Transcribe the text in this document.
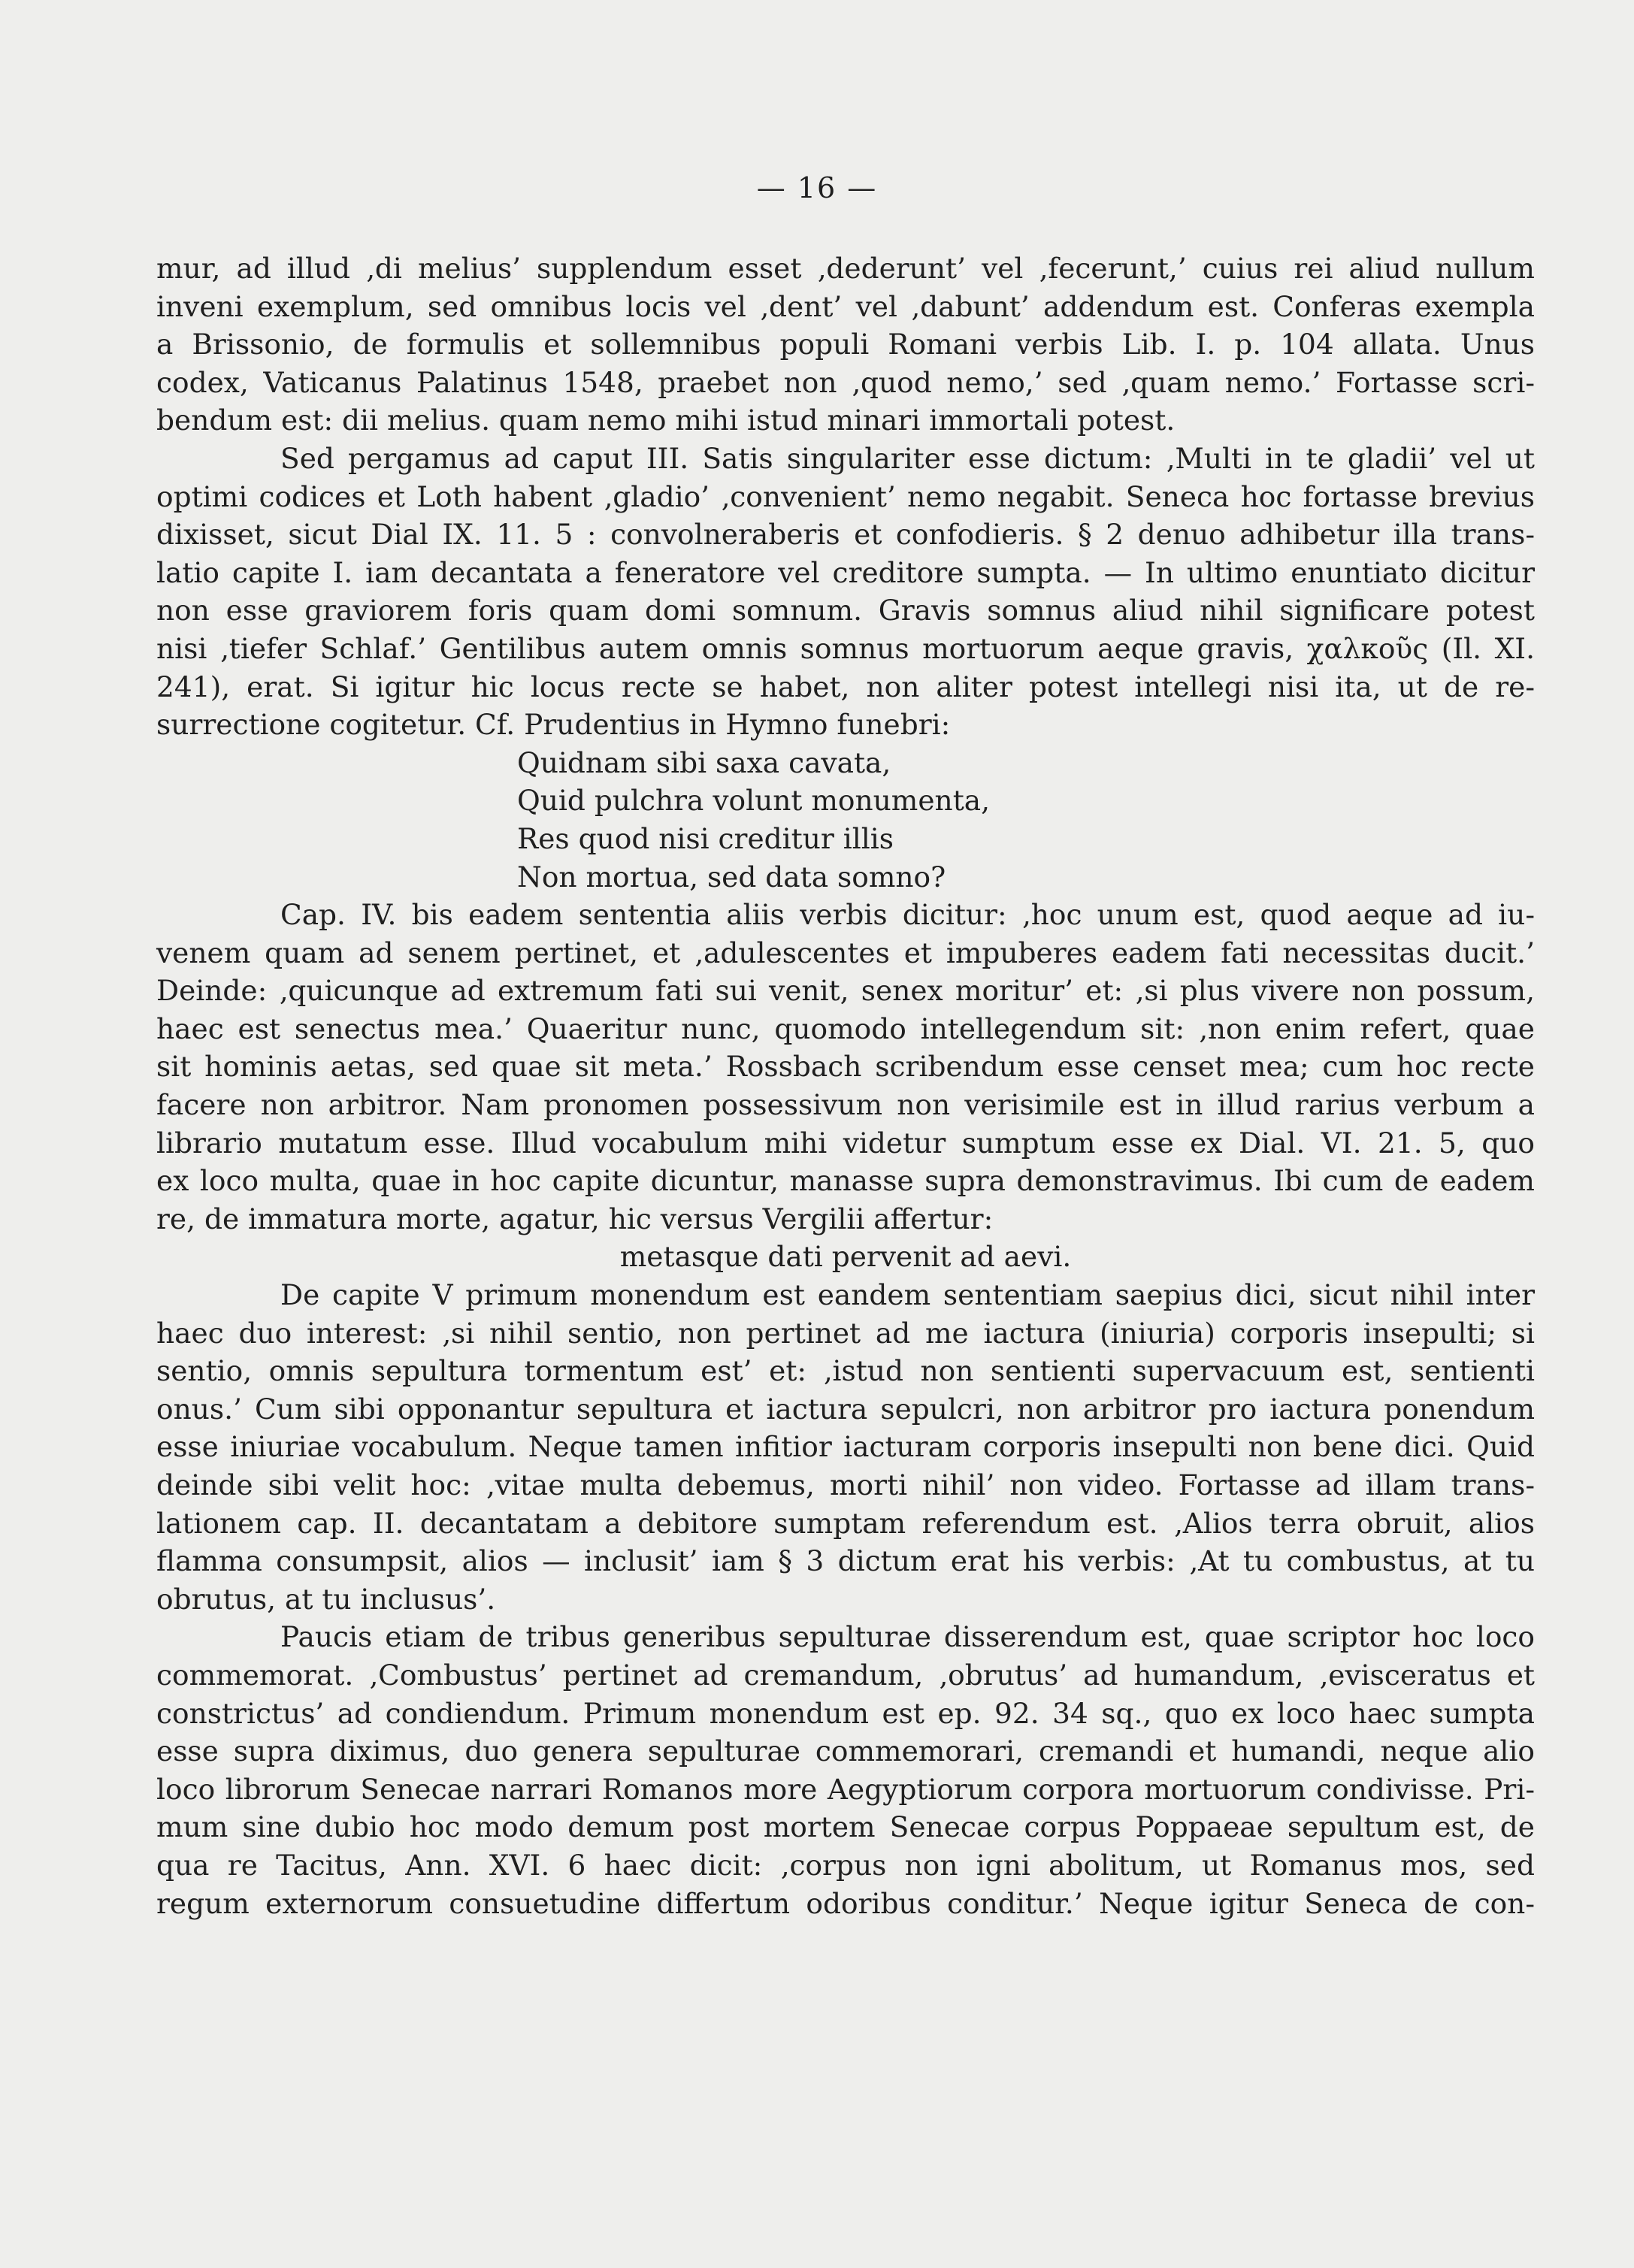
— 16 —
mur, ad illud ‚di melius’ supplendum esset ‚dederunt’ vel ‚fecerunt,’ cuius rei aliud nullum
inveni exemplum, sed omnibus locis vel ‚dent’ vel ‚dabunt’ addendum est. Conferas exempla
a Brissonio, de formulis et sollemnibus populi Romani verbis Lib. I. p. 104 allata. Unus
codex, Vaticanus Palatinus 1548, praebet non ‚quod nemo,’ sed ‚quam nemo.’ Fortasse scri-
bendum est: dii melius. quam nemo mihi istud minari immortali potest.
Sed pergamus ad caput III. Satis singulariter esse dictum: ‚Multi in te gladii’ vel ut
optimi codices et Loth habent ‚gladio’ ‚convenient’ nemo negabit. Seneca hoc fortasse brevius
dixisset, sicut Dial IX. 11. 5 : convolneraberis et confodieris. § 2 denuo adhibetur illa trans-
latio capite I. iam decantata a feneratore vel creditore sumpta. — In ultimo enuntiato dicitur
non esse graviorem foris quam domi somnum. Gravis somnus aliud nihil significare potest
nisi ‚tiefer Schlaf.’ Gentilibus autem omnis somnus mortuorum aeque gravis, χαλκοῦς (Il. XI.
241), erat. Si igitur hic locus recte se habet, non aliter potest intellegi nisi ita, ut de re-
surrectione cogitetur. Cf. Prudentius in Hymno funebri:
Quidnam sibi saxa cavata,
Quid pulchra volunt monumenta,
Res quod nisi creditur illis
Non mortua, sed data somno?
Cap. IV. bis eadem sententia aliis verbis dicitur: ‚hoc unum est, quod aeque ad iu-
venem quam ad senem pertinet, et ‚adulescentes et impuberes eadem fati necessitas ducit.’
Deinde: ‚quicunque ad extremum fati sui venit, senex moritur’ et: ‚si plus vivere non possum,
haec est senectus mea.’ Quaeritur nunc, quomodo intellegendum sit: ‚non enim refert, quae
sit hominis aetas, sed quae sit meta.’ Rossbach scribendum esse censet mea; cum hoc recte
facere non arbitror. Nam pronomen possessivum non verisimile est in illud rarius verbum a
librario mutatum esse. Illud vocabulum mihi videtur sumptum esse ex Dial. VI. 21. 5, quo
ex loco multa, quae in hoc capite dicuntur, manasse supra demonstravimus. Ibi cum de eadem
re, de immatura morte, agatur, hic versus Vergilii affertur:
metasque dati pervenit ad aevi.
De capite V primum monendum est eandem sententiam saepius dici, sicut nihil inter
haec duo interest: ‚si nihil sentio, non pertinet ad me iactura (iniuria) corporis insepulti; si
sentio, omnis sepultura tormentum est’ et: ‚istud non sentienti supervacuum est, sentienti
onus.’ Cum sibi opponantur sepultura et iactura sepulcri, non arbitror pro iactura ponendum
esse iniuriae vocabulum. Neque tamen infitior iacturam corporis insepulti non bene dici. Quid
deinde sibi velit hoc: ‚vitae multa debemus, morti nihil’ non video. Fortasse ad illam trans-
lationem cap. II. decantatam a debitore sumptam referendum est. ‚Alios terra obruit, alios
flamma consumpsit, alios — inclusit’ iam § 3 dictum erat his verbis: ‚At tu combustus, at tu
obrutus, at tu inclusus’.
Paucis etiam de tribus generibus sepulturae disserendum est, quae scriptor hoc loco
commemorat. ‚Combustus’ pertinet ad cremandum, ‚obrutus’ ad humandum, ‚evisceratus et
constrictus’ ad condiendum. Primum monendum est ep. 92. 34 sq., quo ex loco haec sumpta
esse supra diximus, duo genera sepulturae commemorari, cremandi et humandi, neque alio
loco librorum Senecae narrari Romanos more Aegyptiorum corpora mortuorum condivisse. Pri-
mum sine dubio hoc modo demum post mortem Senecae corpus Poppaeae sepultum est, de
qua re Tacitus, Ann. XVI. 6 haec dicit: ‚corpus non igni abolitum, ut Romanus mos, sed
regum externorum consuetudine differtum odoribus conditur.’ Neque igitur Seneca de con-
